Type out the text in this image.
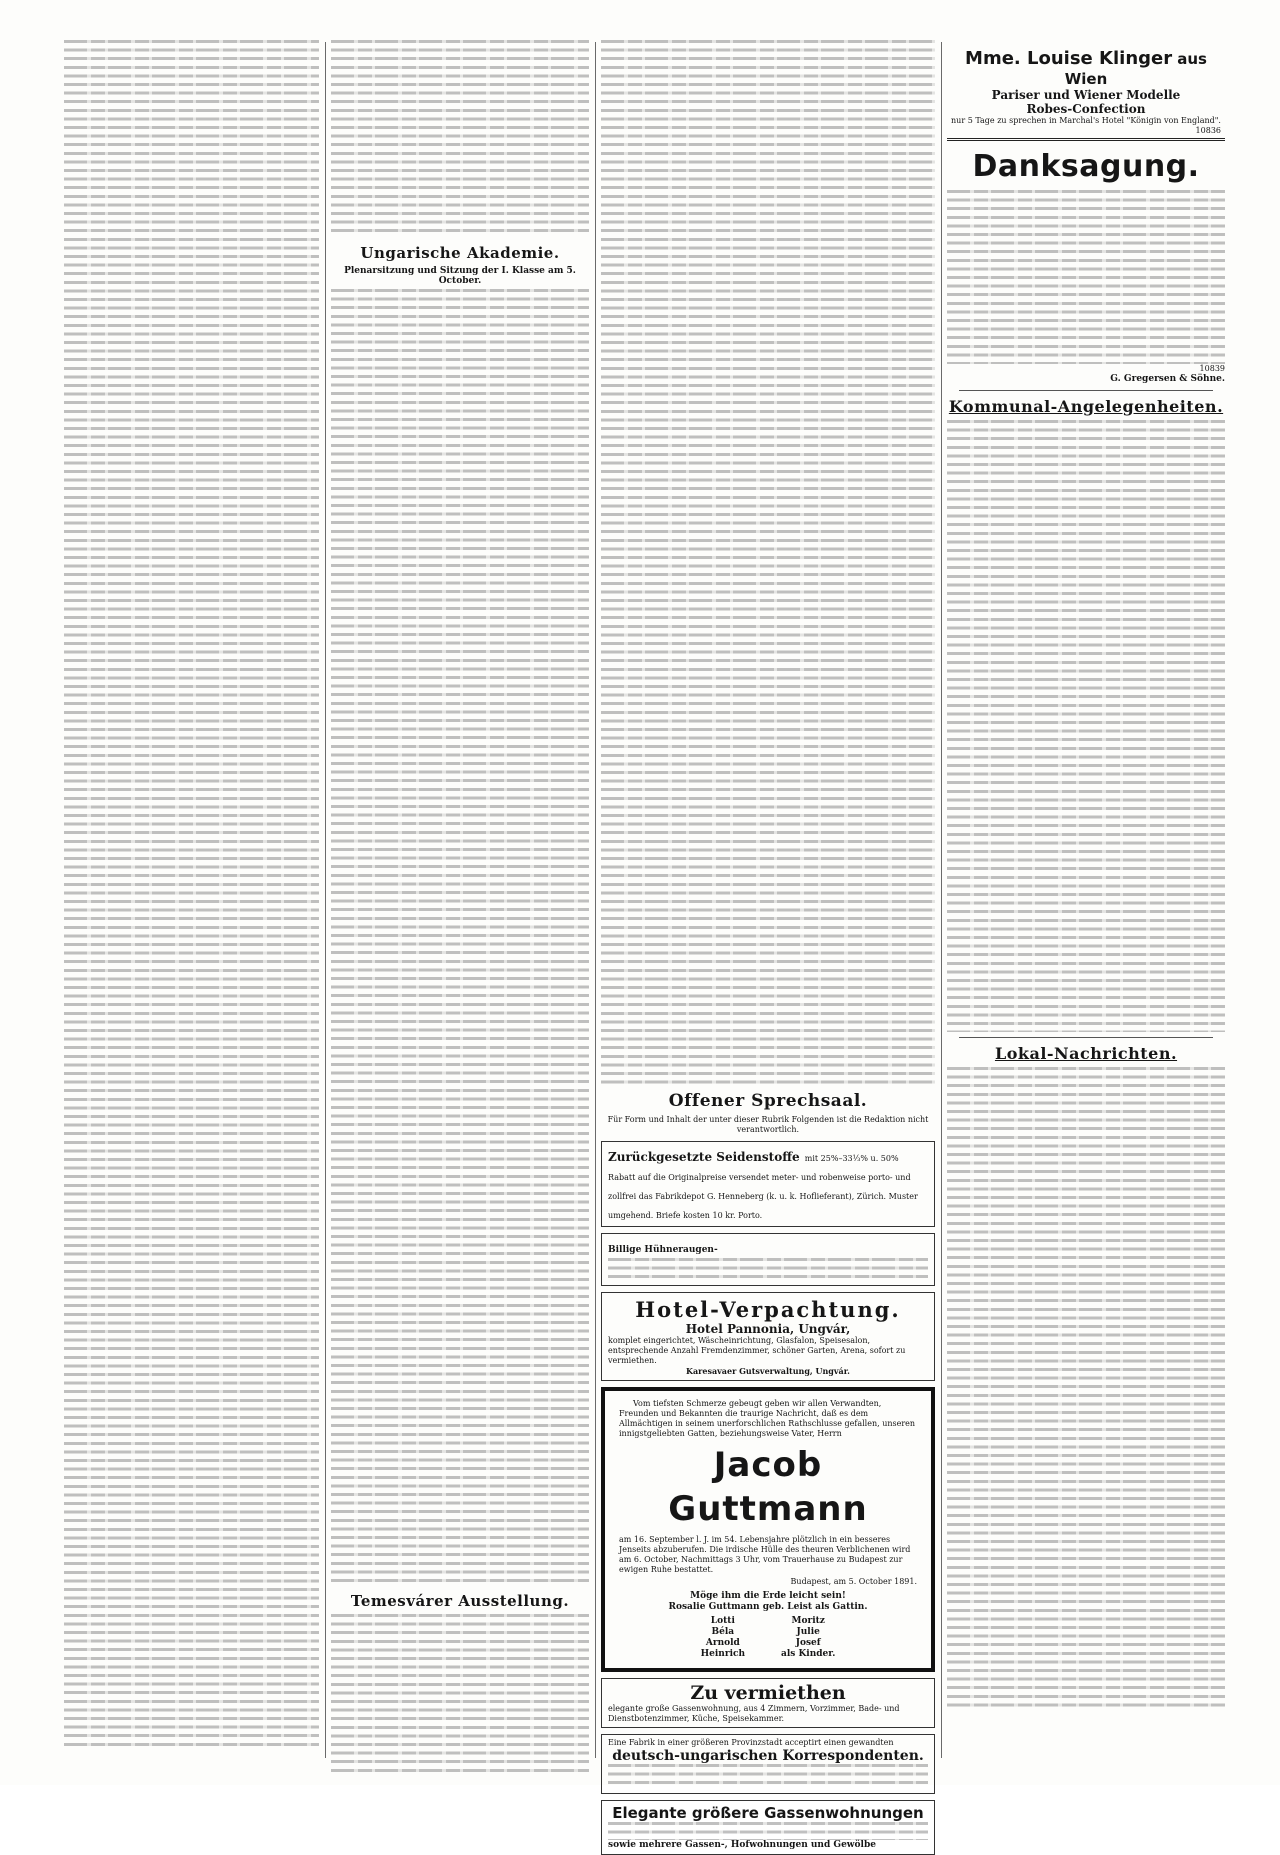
Ungarische Akademie.
Plenarsitzung und Sitzung der I. Klasse am 5. October.
Temesvárer Ausstellung.
Offener Sprechsaal.
Für Form und Inhalt der unter dieser Rubrik Folgenden ist die Redaktion nicht verantwortlich.
Zurückgesetzte Seidenstoffe mit 25%–33⅓% u. 50% Rabatt auf die Originalpreise versendet meter- und robenweise porto- und zollfrei das Fabrikdepot G. Henneberg (k. u. k. Hoflieferant), Zürich. Muster umgehend. Briefe kosten 10 kr. Porto.
Billige Hühneraugen-
Hotel-Verpachtung.
Hotel Pannonia, Ungvár,
komplet eingerichtet, Wäscheinrichtung, Glasfalon, Speisesalon, entsprechende Anzahl Fremdenzimmer, schöner Garten, Arena, sofort zu vermiethen.
Karesavaer Gutsverwaltung, Ungvár.
Vom tiefsten Schmerze gebeugt geben wir allen Verwandten, Freunden und Bekannten die traurige Nachricht, daß es dem Allmächtigen in seinem unerforschlichen Rathschlusse gefallen, unseren innigstgeliebten Gatten, beziehungsweise Vater, Herrn
Jacob Guttmann
am 16. September l. J. im 54. Lebensjahre plötzlich in ein besseres Jenseits abzuberufen. Die irdische Hülle des theuren Verblichenen wird am 6. October, Nachmittags 3 Uhr, vom Trauerhause zu Budapest zur ewigen Ruhe bestattet.
Budapest, am 5. October 1891.
Möge ihm die Erde leicht sein!
Rosalie Guttmann geb. Leist als Gattin.
Lotti
Béla
Arnold
Heinrich
Moritz
Julie
Josef
als Kinder.
Zu vermiethen
elegante große Gassenwohnung, aus 4 Zimmern, Vorzimmer, Bade- und Dienstbotenzimmer, Küche, Speisekammer.
Eine Fabrik in einer größeren Provinzstadt acceptirt einen gewandten
deutsch-ungarischen Korrespondenten.
Elegante größere Gassenwohnungen
sowie mehrere Gassen-, Hofwohnungen und Gewölbe
Mme. Louise Klinger aus Wien
Pariser und Wiener Modelle
Robes-Confection
nur 5 Tage zu sprechen in Marchal's Hotel "Königin von England".
10836
Danksagung.
10839
G. Gregersen & Söhne.
Kommunal-Angelegenheiten.
Lokal-Nachrichten.
